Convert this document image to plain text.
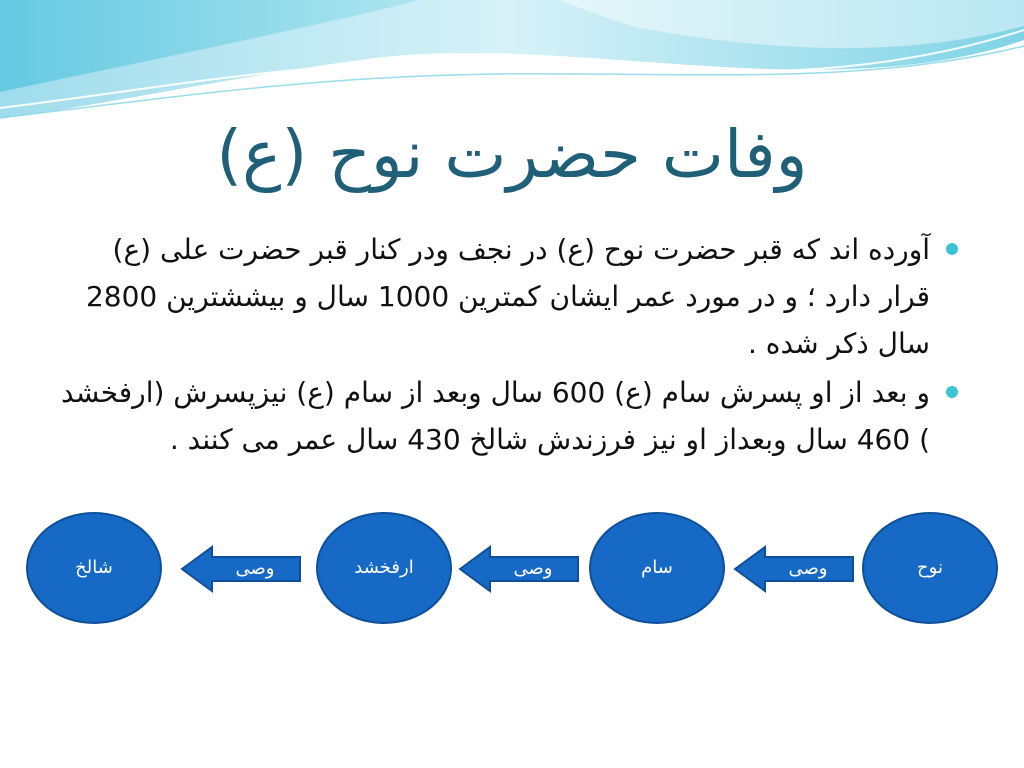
وفات حضرت نوح (ع)
آورده اند که قبر حضرت نوح (ع) در نجف ودر کنار قبر حضرت علی (ع) قرار دارد ؛ و در مورد عمر ایشان کمترین 1000 سال و بیششترین 2800 سال ذکر شده .
و بعد از او پسرش سام (ع) 600 سال وبعد از سام (ع) نیزپسرش (ارفخشد ) 460 سال وبعداز او نیز فرزندش شالخ 430 سال عمر می کنند .
نوح
سام
ارفخشد
شالخ	وصی
وصی
وصی
